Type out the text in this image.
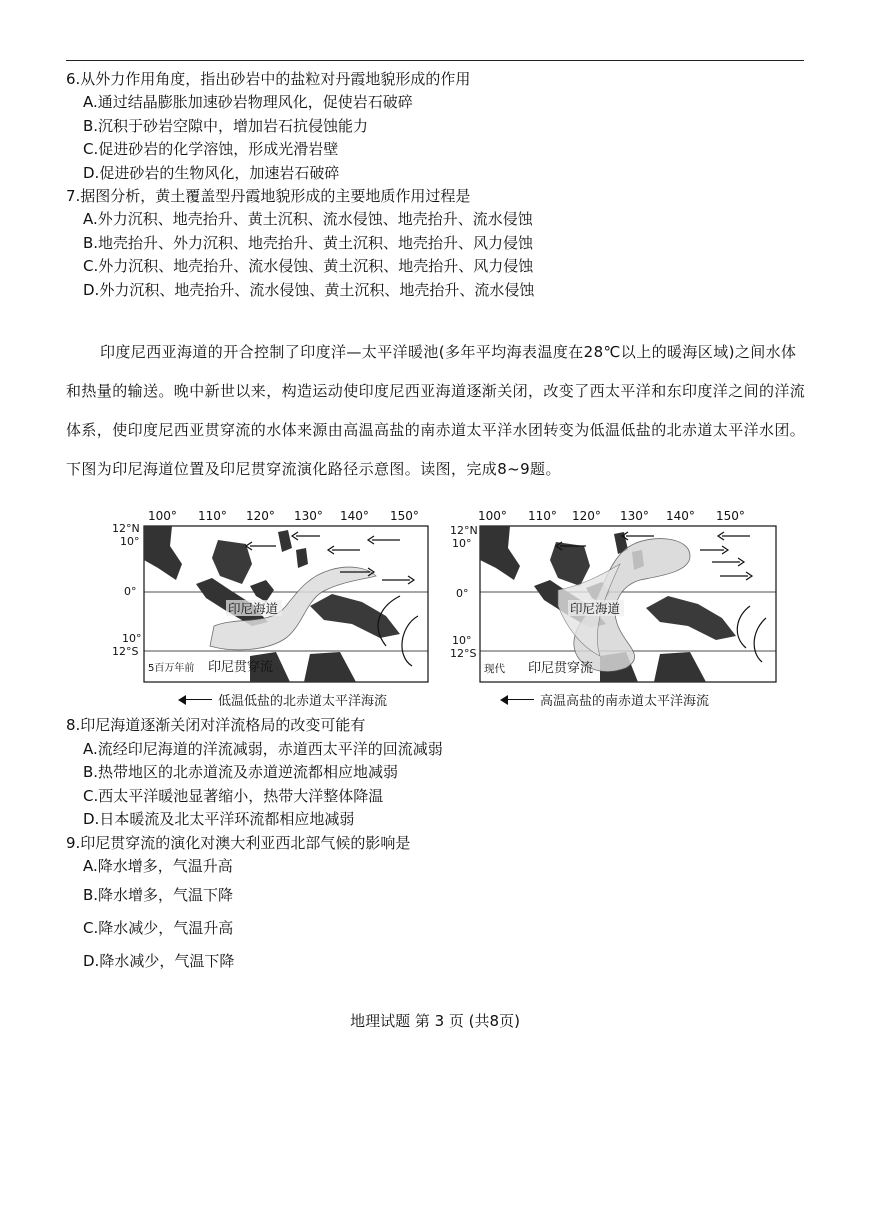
6.从外力作用角度，指出砂岩中的盐粒对丹霞地貌形成的作用

A.通过结晶膨胀加速砂岩物理风化，促使岩石破碎

B.沉积于砂岩空隙中，增加岩石抗侵蚀能力

C.促进砂岩的化学溶蚀，形成光滑岩壁

D.促进砂岩的生物风化，加速岩石破碎

7.据图分析，黄土覆盖型丹霞地貌形成的主要地质作用过程是

A.外力沉积、地壳抬升、黄土沉积、流水侵蚀、地壳抬升、流水侵蚀

B.地壳抬升、外力沉积、地壳抬升、黄土沉积、地壳抬升、风力侵蚀

C.外力沉积、地壳抬升、流水侵蚀、黄土沉积、地壳抬升、风力侵蚀

D.外力沉积、地壳抬升、流水侵蚀、黄土沉积、地壳抬升、流水侵蚀

印度尼西亚海道的开合控制了印度洋—太平洋暖池(多年平均海表温度在28℃以上的暖海区域)之间水体和热量的输送。晚中新世以来，构造运动使印度尼西亚海道逐渐关闭，改变了西太平洋和东印度洋之间的洋流体系，使印度尼西亚贯穿流的水体来源由高温高盐的南赤道太平洋水团转变为低温低盐的北赤道太平洋水团。下图为印尼海道位置及印尼贯穿流演化路径示意图。读图，完成8~9题。

100° 110° 120° 130° 140° 150°
12°N
10°
0°
10°
12°S
印尼海道
5百万年前 印尼贯穿流
100° 110° 120° 130° 140° 150°
12°N
10°
0°
10°
12°S
印尼海道
现代 印尼贯穿流
低温低盐的北赤道太平洋海流	高温高盐的南赤道太平洋海流

8.印尼海道逐渐关闭对洋流格局的改变可能有

A.流经印尼海道的洋流减弱，赤道西太平洋的回流减弱

B.热带地区的北赤道流及赤道逆流都相应地减弱

C.西太平洋暖池显著缩小，热带大洋整体降温

D.日本暖流及北太平洋环流都相应地减弱

9.印尼贯穿流的演化对澳大利亚西北部气候的影响是

A.降水增多，气温升高

B.降水增多，气温下降

C.降水减少，气温升高

D.降水减少，气温下降

地理试题 第 3 页 (共8页)
